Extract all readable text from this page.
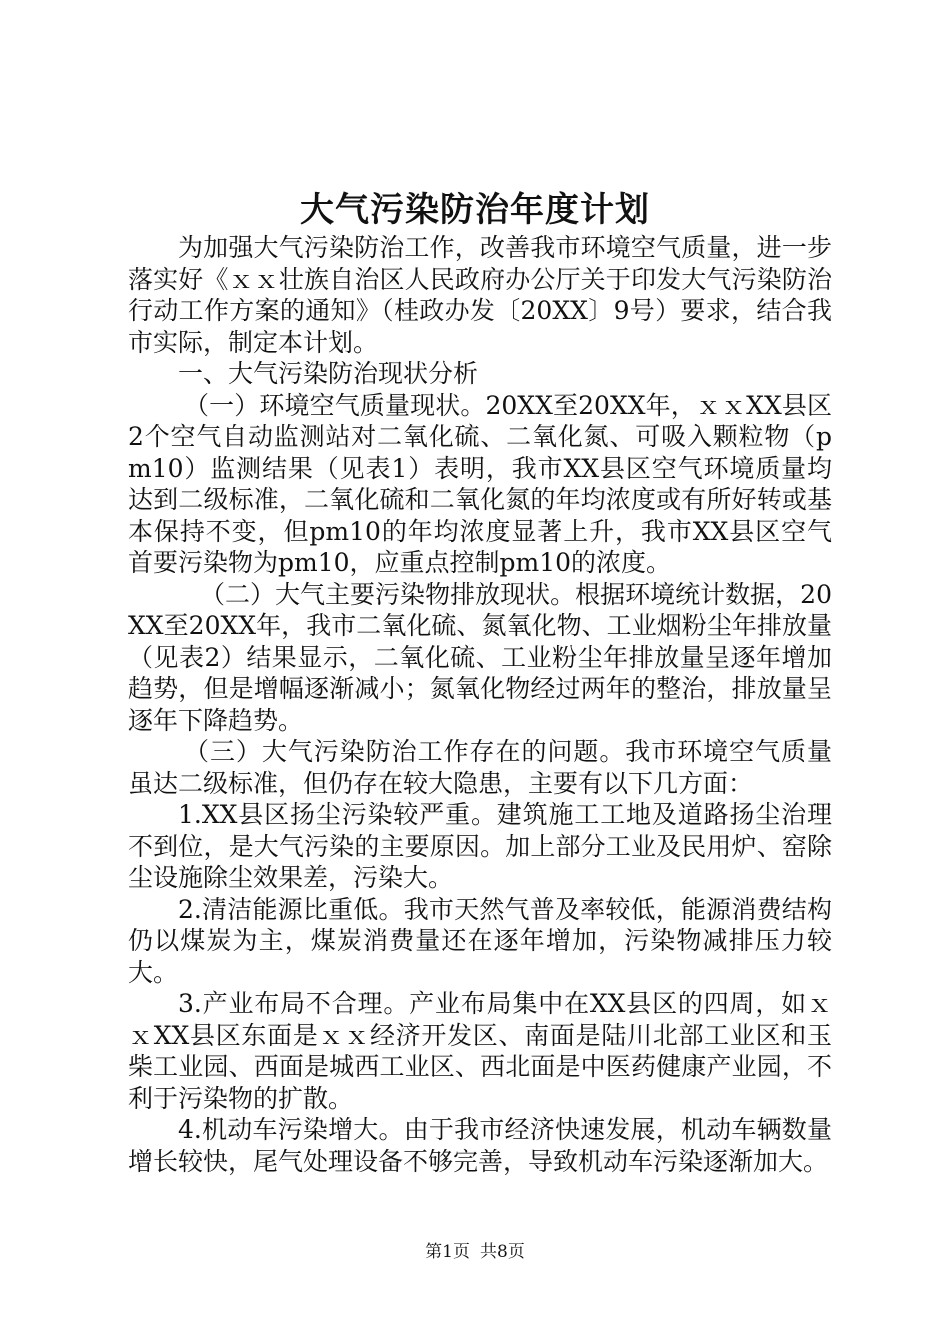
大气污染防治年度计划

为加强大气污染防治工作，改善我市环境空气质量，进一步落实好《ｘｘ壮族自治区人民政府办公厅关于印发大气污染防治行动工作方案的通知》（桂政办发〔20XX〕9号）要求，结合我市实际，制定本计划。

一、大气污染防治现状分析

（一）环境空气质量现状。20XX至20XX年，ｘｘXX县区2个空气自动监测站对二氧化硫、二氧化氮、可吸入颗粒物（pm10）监测结果（见表1）表明，我市XX县区空气环境质量均达到二级标准，二氧化硫和二氧化氮的年均浓度或有所好转或基本保持不变，但pm10的年均浓度显著上升，我市XX县区空气首要污染物为pm10，应重点控制pm10的浓度。

（二）大气主要污染物排放现状。根据环境统计数据，20XX至20XX年，我市二氧化硫、氮氧化物、工业烟粉尘年排放量（见表2）结果显示，二氧化硫、工业粉尘年排放量呈逐年增加趋势，但是增幅逐渐减小；氮氧化物经过两年的整治，排放量呈逐年下降趋势。

（三）大气污染防治工作存在的问题。我市环境空气质量虽达二级标准，但仍存在较大隐患，主要有以下几方面：

1.XX县区扬尘污染较严重。建筑施工工地及道路扬尘治理不到位，是大气污染的主要原因。加上部分工业及民用炉、窑除尘设施除尘效果差，污染大。

2.清洁能源比重低。我市天然气普及率较低，能源消费结构仍以煤炭为主，煤炭消费量还在逐年增加，污染物减排压力较大。

3.产业布局不合理。产业布局集中在XX县区的四周，如ｘｘXX县区东面是ｘｘ经济开发区、南面是陆川北部工业区和玉柴工业园、西面是城西工业区、西北面是中医药健康产业园，不利于污染物的扩散。

4.机动车污染增大。由于我市经济快速发展，机动车辆数量增长较快，尾气处理设备不够完善，导致机动车污染逐渐加大。

第1页 共8页
